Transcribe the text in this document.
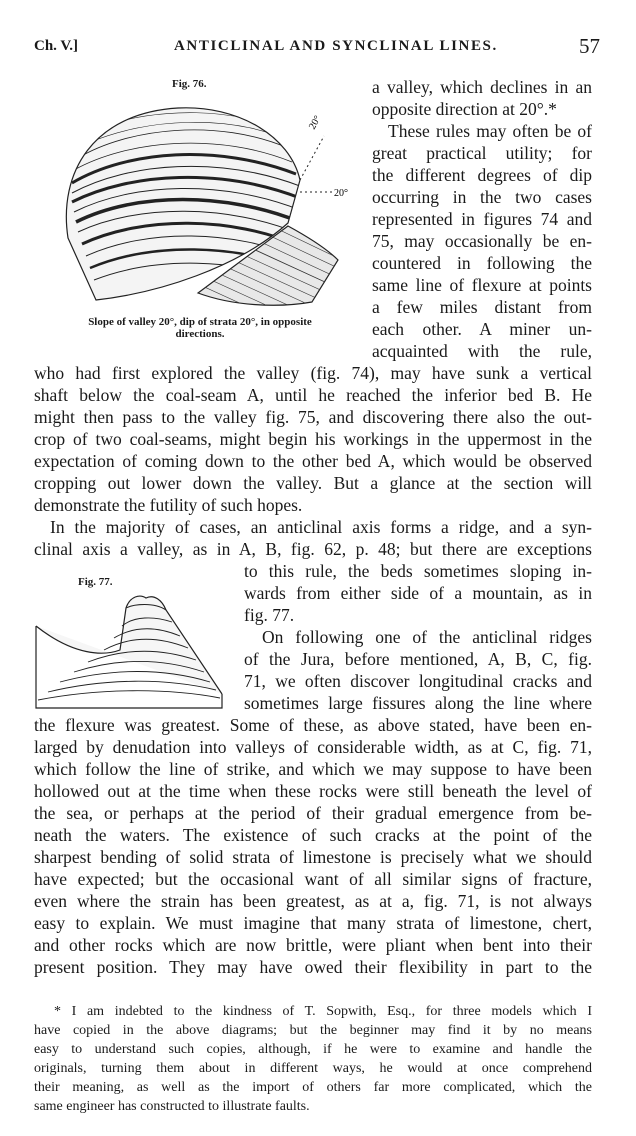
Ch. V.]	ANTICLINAL AND SYNCLINAL LINES.	57
Fig. 76.
20°
20°
Slope of valley 20°, dip of strata 20°, in opposite
directions.
a valley, which declines in an
opposite direction at 20°.*
These rules may often be of
great practical utility; for
the different degrees of dip
occurring in the two cases
represented in figures 74 and
75, may occasionally be en-
countered in following the
same line of flexure at points
a few miles distant from
each other. A miner un-
acquainted with the rule,
who had first explored the valley (fig. 74), may have sunk a vertical
shaft below the coal-seam A, until he reached the inferior bed B. He
might then pass to the valley fig. 75, and discovering there also the out-
crop of two coal-seams, might begin his workings in the uppermost in the
expectation of coming down to the other bed A, which would be observed
cropping out lower down the valley. But a glance at the section will
demonstrate the futility of such hopes.
In the majority of cases, an anticlinal axis forms a ridge, and a syn-
clinal axis a valley, as in A, B, fig. 62, p. 48; but there are exceptions
Fig. 77.
to this rule, the beds sometimes sloping in-
wards from either side of a mountain, as in
fig. 77.
On following one of the anticlinal ridges
of the Jura, before mentioned, A, B, C, fig.
71, we often discover longitudinal cracks and
sometimes large fissures along the line where
the flexure was greatest. Some of these, as above stated, have been en-
larged by denudation into valleys of considerable width, as at C, fig. 71,
which follow the line of strike, and which we may suppose to have been
hollowed out at the time when these rocks were still beneath the level of
the sea, or perhaps at the period of their gradual emergence from be-
neath the waters. The existence of such cracks at the point of the
sharpest bending of solid strata of limestone is precisely what we should
have expected; but the occasional want of all similar signs of fracture,
even where the strain has been greatest, as at a, fig. 71, is not always
easy to explain. We must imagine that many strata of limestone, chert,
and other rocks which are now brittle, were pliant when bent into their
present position. They may have owed their flexibility in part to the
* I am indebted to the kindness of T. Sopwith, Esq., for three models which I
have copied in the above diagrams; but the beginner may find it by no means
easy to understand such copies, although, if he were to examine and handle the
originals, turning them about in different ways, he would at once comprehend
their meaning, as well as the import of others far more complicated, which the
same engineer has constructed to illustrate faults.
